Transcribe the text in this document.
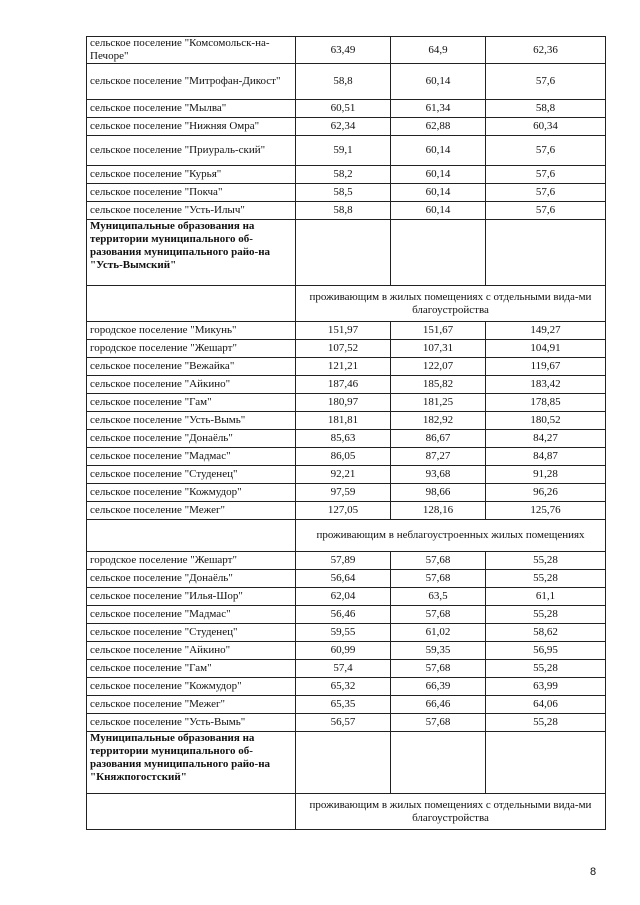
сельское поселение "Комсомольск-на-Печоре"	63,49	64,9	62,36
сельское поселение "Митрофан-Дикост"	58,8	60,14	57,6
сельское поселение "Мылва"	60,51	61,34	58,8
сельское поселение "Нижняя Омра"	62,34	62,88	60,34
сельское поселение "Приураль-ский"	59,1	60,14	57,6
сельское поселение "Курья"	58,2	60,14	57,6
сельское поселение "Покча"	58,5	60,14	57,6
сельское поселение "Усть-Илыч"	58,8	60,14	57,6
Муниципальные образования на территории муниципального об-разования муниципального райо-на "Усть-Вымский"			
	проживающим в жилых помещениях с отдельными вида-ми благоустройства		
городское поселение "Микунь"	151,97	151,67	149,27
городское поселение "Жешарт"	107,52	107,31	104,91
сельское поселение "Вежайка"	121,21	122,07	119,67
сельское поселение "Айкино"	187,46	185,82	183,42
сельское поселение "Гам"	180,97	181,25	178,85
сельское поселение "Усть-Вымь"	181,81	182,92	180,52
сельское поселение "Донаёль"	85,63	86,67	84,27
сельское поселение "Мадмас"	86,05	87,27	84,87
сельское поселение "Студенец"	92,21	93,68	91,28
сельское поселение "Кожмудор"	97,59	98,66	96,26
сельское поселение "Межег"	127,05	128,16	125,76
	проживающим в неблагоустроенных жилых помещениях		
городское поселение "Жешарт"	57,89	57,68	55,28
сельское поселение "Донаёль"	56,64	57,68	55,28
сельское поселение "Илья-Шор"	62,04	63,5	61,1
сельское поселение "Мадмас"	56,46	57,68	55,28
сельское поселение "Студенец"	59,55	61,02	58,62
сельское поселение "Айкино"	60,99	59,35	56,95
сельское поселение "Гам"	57,4	57,68	55,28
сельское поселение "Кожмудор"	65,32	66,39	63,99
сельское поселение "Межег"	65,35	66,46	64,06
сельское поселение "Усть-Вымь"	56,57	57,68	55,28
Муниципальные образования на территории муниципального об-разования муниципального райо-на "Княжпогостский"			
	проживающим в жилых помещениях с отдельными вида-ми благоустройства		
8
